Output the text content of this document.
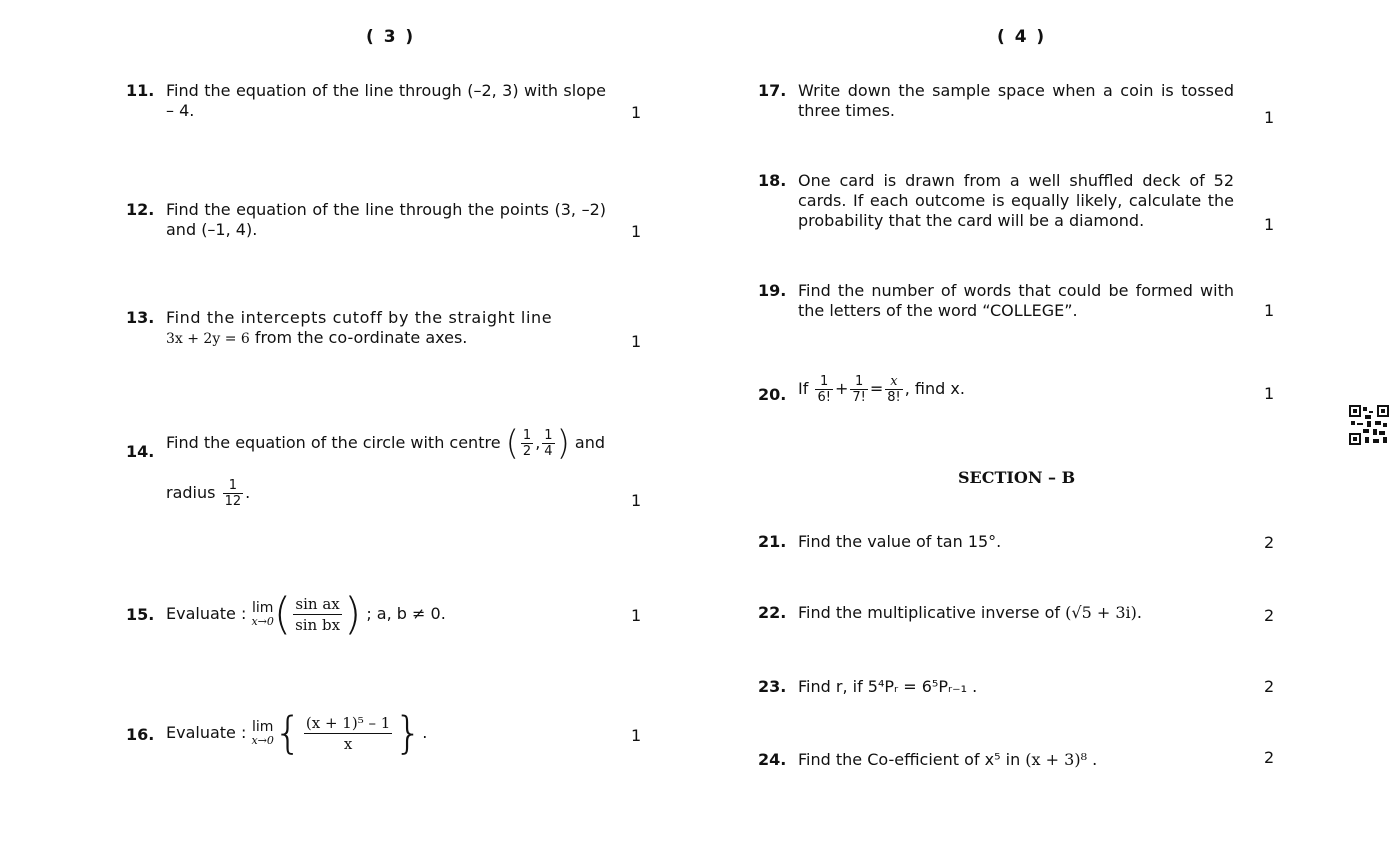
( 3 )	( 4 )
11. Find the equation of the line through (–2, 3) with slope – 4.	1
12. Find the equation of the line through the points (3, –2) and (–1, 4).	1
13. Find the intercepts cutoff by the straight line
3x + 2y = 6 from the co-ordinate axes.	1
14. Find the equation of the circle with centre ( $\frac{1}{2}$ , $\frac{1}{4}$ ) and
radius $\frac{1}{12}$ .	1
15. Evaluate : lim
x→0 ( $\frac{\text{sin ax}}{\text{sin bx}}$ ) ; a, b ≠ 0.	1
16. Evaluate : lim
x→0 { $\frac{\text{(x + 1)⁵ – 1}}{x}$ }.	1
17. Write down the sample space when a coin is tossed three times.	1
18. One card is drawn from a well shuffled deck of 52 cards. If each outcome is equally likely, calculate the probability that the card will be a diamond.	1
19. Find the number of words that could be formed with the letters of the word “COLLEGE”.	1
20. If $\frac{1}{6!} + \frac{1}{7!} = \frac{x}{8!}$ , find x.	1
SECTION – B
21. Find the value of tan 15°.	2
22. Find the multiplicative inverse of (√5 + 3i).	2
23. Find r, if 5⁴Pᵣ = 6⁵Pᵣ₋₁ .	2
24. Find the Co-efficient of x⁵ in (x + 3)⁸ .	2
